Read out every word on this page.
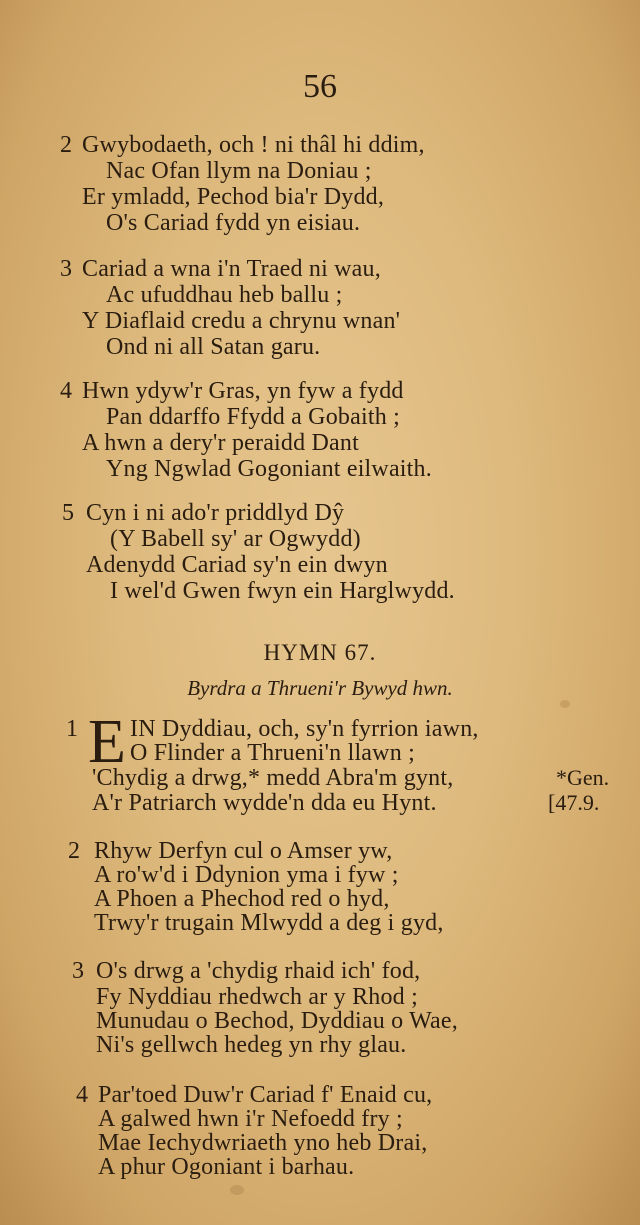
56
2 Gwybodaeth, och ! ni thâl hi ddim,
Nac Ofan llym na Doniau ;
Er ymladd, Pechod bia'r Dydd,
O's Cariad fydd yn eisiau.
3 Cariad a wna i'n Traed ni wau,
Ac ufuddhau heb ballu ;
Y Diaflaid credu a chrynu wnan'
Ond ni all Satan garu.
4 Hwn ydyw'r Gras, yn fyw a fydd
Pan ddarffo Ffydd a Gobaith ;
A hwn a dery'r peraidd Dant
Yng Ngwlad Gogoniant eilwaith.
5 Cyn i ni ado'r priddlyd Dŷ
(Y Babell sy' ar Ogwydd)
Adenydd Cariad sy'n ein dwyn
I wel'd Gwen fwyn ein Harglwydd.
HYMN 67.
Byrdra a Thrueni'r Bywyd hwn.
1 E IN Dyddiau, och, sy'n fyrrion iawn,
O Flinder a Thrueni'n llawn ;
'Chydig a drwg,* medd Abra'm gynt,
A'r Patriarch wydde'n dda eu Hynt.
*Gen.
[47.9.
2 Rhyw Derfyn cul o Amser yw,
A ro'w'd i Ddynion yma i fyw ;
A Phoen a Phechod red o hyd,
Trwy'r trugain Mlwydd a deg i gyd,
3 O's drwg a 'chydig rhaid ich' fod,
Fy Nyddiau rhedwch ar y Rhod ;
Munudau o Bechod, Dyddiau o Wae,
Ni's gellwch hedeg yn rhy glau.
4 Par'toed Duw'r Cariad f' Enaid cu,
A galwed hwn i'r Nefoedd fry ;
Mae Iechydwriaeth yno heb Drai,
A phur Ogoniant i barhau.
